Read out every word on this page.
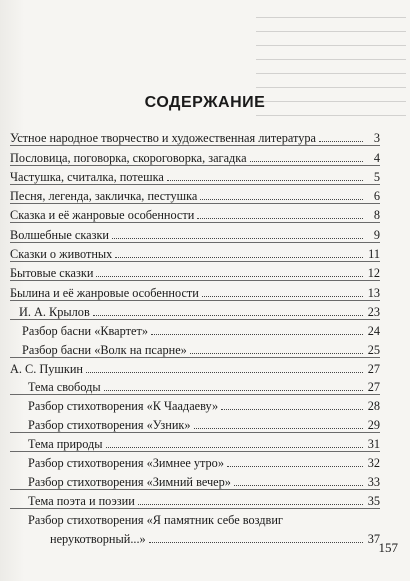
СОДЕРЖАНИЕ
Устное народное творчество и художественная литература	3
Пословица, поговорка, скороговорка, загадка	4
Частушка, считалка, потешка	5
Песня, легенда, закличка, пестушка	6
Сказка и её жанровые особенности	8
Волшебные сказки	9
Сказки о животных	11
Бытовые сказки	12
Былина и её жанровые особенности	13
И. А. Крылов	23
Разбор басни «Квартет»	24
Разбор басни «Волк на псарне»	25
А. С. Пушкин	27
Тема свободы	27
Разбор стихотворения «К Чаадаеву»	28
Разбор стихотворения «Узник»	29
Тема природы	31
Разбор стихотворения «Зимнее утро»	32
Разбор стихотворения «Зимний вечер»	33
Тема поэта и поэзии	35
Разбор стихотворения «Я памятник себе воздвиг
нерукотворный...»	37
157
